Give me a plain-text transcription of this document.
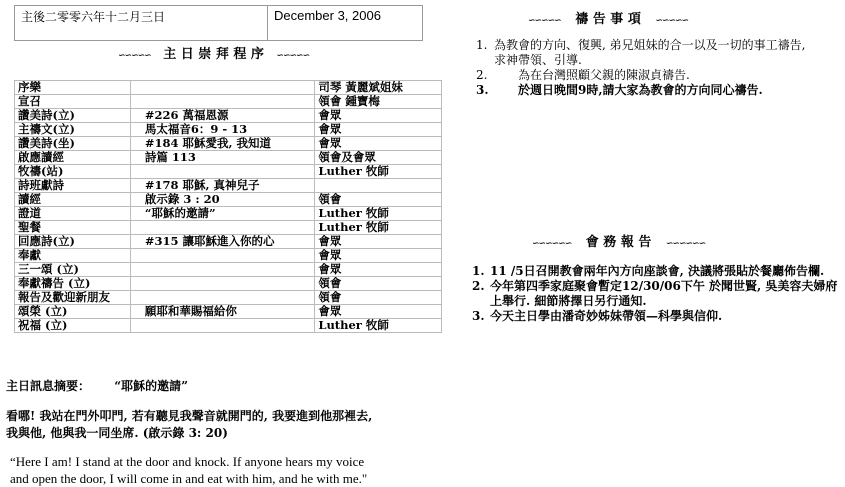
主後二零零六年十二月三日	December 3, 2006
∽∽∽∽∽ 主 日 崇 拜 程 序 ∽∽∽∽∽
序樂		司琴 黃麗斌姐妹
宣召		領會 鍾寶梅
讚美詩(立)	#226 萬福恩源	會眾
主禱文(立)	馬太福音6：9 - 13	會眾
讚美詩(坐)	#184 耶穌愛我, 我知道	會眾
啟應讀經	詩篇 113	領會及會眾
牧禱(站)		Luther 牧師
詩班獻詩	#178 耶穌, 真神兒子	
讀經	啟示錄 3 : 20	領會
證道	“耶穌的邀請”	Luther 牧師
聖餐		Luther 牧師
回應詩(立)	#315 讓耶穌進入你的心	會眾
奉獻		會眾
三一頌 (立)		會眾
奉獻禱告 (立)		領會
報告及歡迎新朋友		領會
頌榮 (立)	願耶和華賜福給你	會眾
祝福 (立)		Luther 牧師
主日訊息摘要： “耶穌的邀請”
看哪! 我站在門外叩門, 若有聽見我聲音就開門的, 我要進到他那裡去,
我與他, 他與我一同坐席. (啟示錄 3: 20)
“Here I am! I stand at the door and knock. If anyone hears my voice
and open the door, I will come in and eat with him, and he with me."
∽∽∽∽∽ 禱 告 事 項 ∽∽∽∽∽
1. 為教會的方向、復興, 弟兄姐妹的合一以及一切的事工禱告,
求神帶領、引導.
2.	為在台灣照顧父親的陳淑貞禱告.
3.	於週日晚間9時,請大家為教會的方向同心禱告.
∽∽∽∽∽∽ 會 務 報 告 ∽∽∽∽∽∽
1. 11 /5日召開教會兩年內方向座談會, 決議將張貼於餐廳佈告欄.
2. 今年第四季家庭聚會暫定12/30/06下午 於聞世賢, 吳美容夫婦府
上舉行. 細節將擇日另行通知.
3. 今天主日學由潘奇妙姊妹帶領—科學與信仰.
